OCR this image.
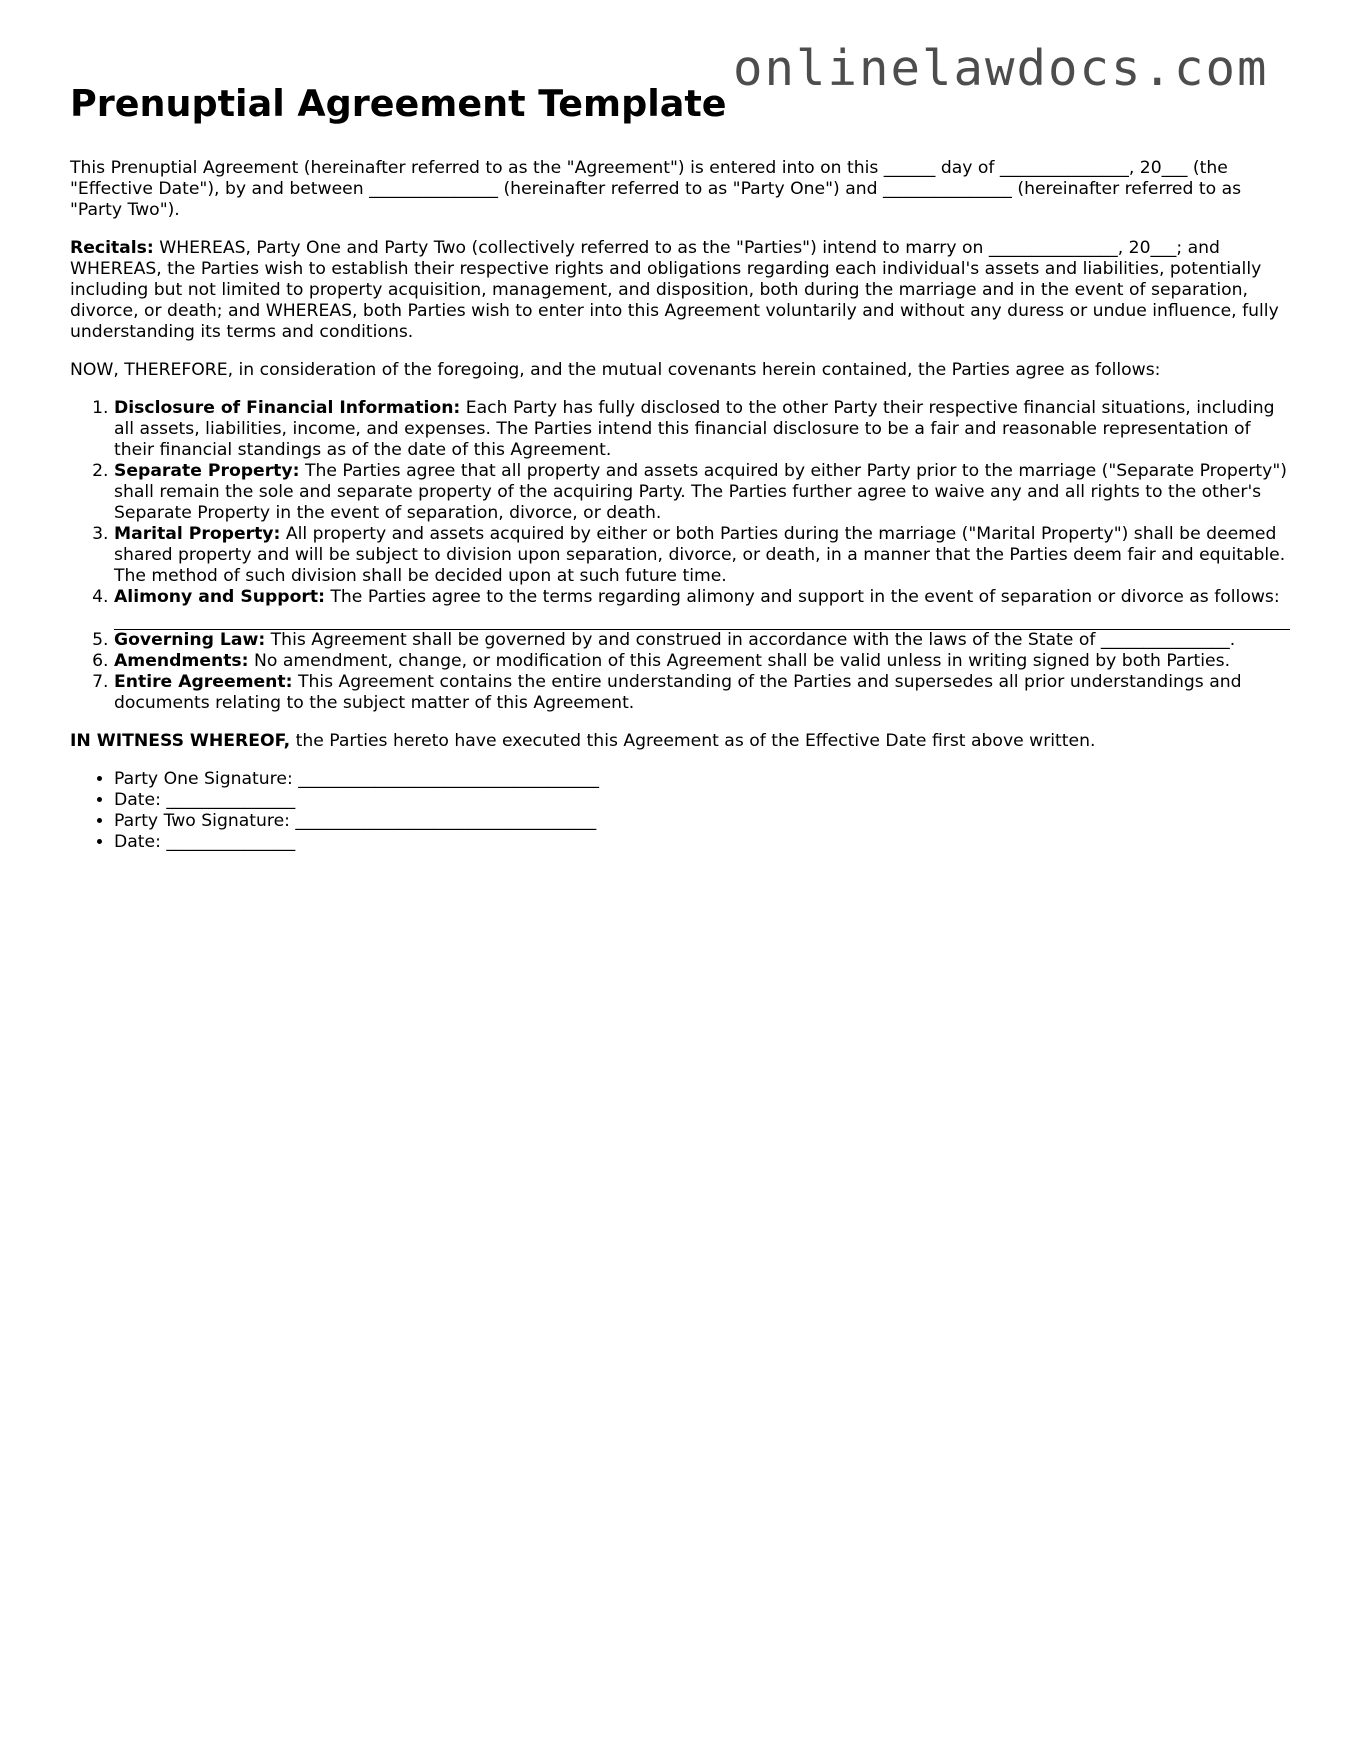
onlinelawdocs.com
Prenuptial Agreement Template

This Prenuptial Agreement (hereinafter referred to as the "Agreement") is entered into on this ______ day of _______________, 20___ (the "Effective Date"), by and between _______________ (hereinafter referred to as "Party One") and _______________ (hereinafter referred to as "Party Two").

Recitals: WHEREAS, Party One and Party Two (collectively referred to as the "Parties") intend to marry on _______________, 20___; and WHEREAS, the Parties wish to establish their respective rights and obligations regarding each individual's assets and liabilities, potentially including but not limited to property acquisition, management, and disposition, both during the marriage and in the event of separation, divorce, or death; and WHEREAS, both Parties wish to enter into this Agreement voluntarily and without any duress or undue influence, fully understanding its terms and conditions.

NOW, THEREFORE, in consideration of the foregoing, and the mutual covenants herein contained, the Parties agree as follows:

1. Disclosure of Financial Information: Each Party has fully disclosed to the other Party their respective financial situations, including all assets, liabilities, income, and expenses. The Parties intend this financial disclosure to be a fair and reasonable representation of their financial standings as of the date of this Agreement.
2. Separate Property: The Parties agree that all property and assets acquired by either Party prior to the marriage ("Separate Property") shall remain the sole and separate property of the acquiring Party. The Parties further agree to waive any and all rights to the other's Separate Property in the event of separation, divorce, or death.
3. Marital Property: All property and assets acquired by either or both Parties during the marriage ("Marital Property") shall be deemed shared property and will be subject to division upon separation, divorce, or death, in a manner that the Parties deem fair and equitable. The method of such division shall be decided upon at such future time.
4. Alimony and Support: The Parties agree to the terms regarding alimony and support in the event of separation or divorce as follows:
5. Governing Law: This Agreement shall be governed by and construed in accordance with the laws of the State of _______________.
6. Amendments: No amendment, change, or modification of this Agreement shall be valid unless in writing signed by both Parties.
7. Entire Agreement: This Agreement contains the entire understanding of the Parties and supersedes all prior understandings and documents relating to the subject matter of this Agreement.

IN WITNESS WHEREOF, the Parties hereto have executed this Agreement as of the Effective Date first above written.

• Party One Signature: ___________________________________
• Date: _______________
• Party Two Signature: ___________________________________
• Date: _______________
